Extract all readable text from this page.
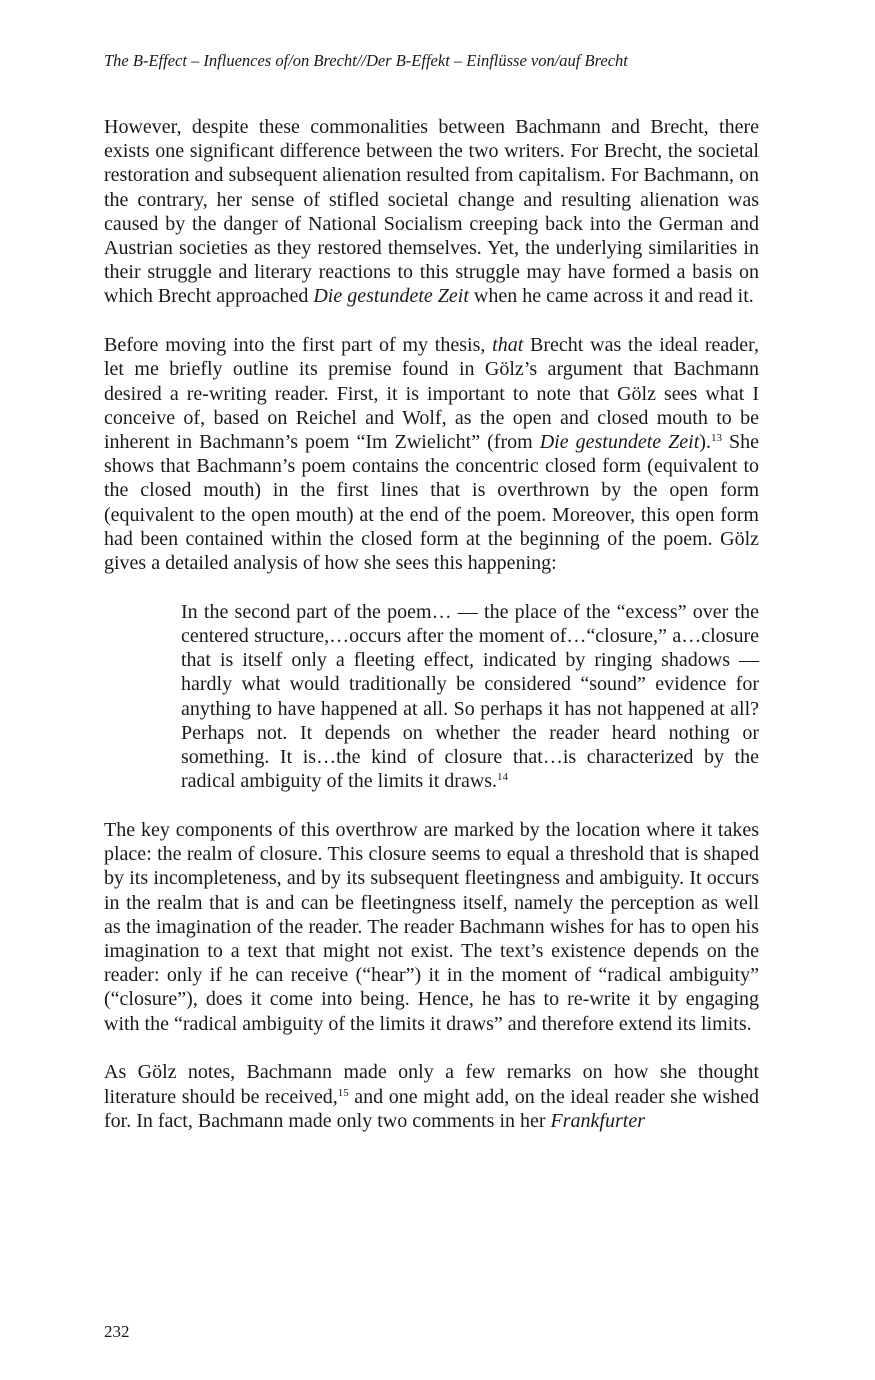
The B-Effect – Influences of/on Brecht//Der B-Effekt – Einflüsse von/auf Brecht

However, despite these commonalities between Bachmann and Brecht, there exists one significant difference between the two writers. For Brecht, the societal restoration and subsequent alienation resulted from capitalism. For Bachmann, on the contrary, her sense of stifled societal change and resulting alienation was caused by the danger of National Socialism creeping back into the German and Austrian societies as they restored themselves. Yet, the underlying similarities in their struggle and literary reactions to this struggle may have formed a basis on which Brecht approached Die gestundete Zeit when he came across it and read it.

Before moving into the first part of my thesis, that Brecht was the ideal reader, let me briefly outline its premise found in Gölz’s argument that Bachmann desired a re-writing reader. First, it is important to note that Gölz sees what I conceive of, based on Reichel and Wolf, as the open and closed mouth to be inherent in Bachmann’s poem “Im Zwielicht” (from Die gestundete Zeit).$^{13}$ She shows that Bachmann’s poem contains the concentric closed form (equivalent to the closed mouth) in the first lines that is overthrown by the open form (equivalent to the open mouth) at the end of the poem. Moreover, this open form had been contained within the closed form at the beginning of the poem. Gölz gives a detailed analysis of how she sees this happening:

In the second part of the poem… — the place of the “excess” over the centered structure,…occurs after the moment of…“closure,” a…closure that is itself only a fleeting effect, indicated by ringing shadows — hardly what would traditionally be considered “sound” evidence for anything to have happened at all. So perhaps it has not happened at all? Perhaps not. It depends on whether the reader heard nothing or something. It is…the kind of closure that…is characterized by the radical ambiguity of the limits it draws.$^{14}$

The key components of this overthrow are marked by the location where it takes place: the realm of closure. This closure seems to equal a threshold that is shaped by its incompleteness, and by its subsequent fleetingness and ambiguity. It occurs in the realm that is and can be fleetingness itself, namely the perception as well as the imagination of the reader. The reader Bachmann wishes for has to open his imagination to a text that might not exist. The text’s existence depends on the reader: only if he can receive (“hear”) it in the moment of “radical ambiguity” (“closure”), does it come into being. Hence, he has to re-write it by engaging with the “radical ambiguity of the limits it draws” and therefore extend its limits.

As Gölz notes, Bachmann made only a few remarks on how she thought literature should be received,$^{15}$ and one might add, on the ideal reader she wished for. In fact, Bachmann made only two comments in her Frankfurter

232
